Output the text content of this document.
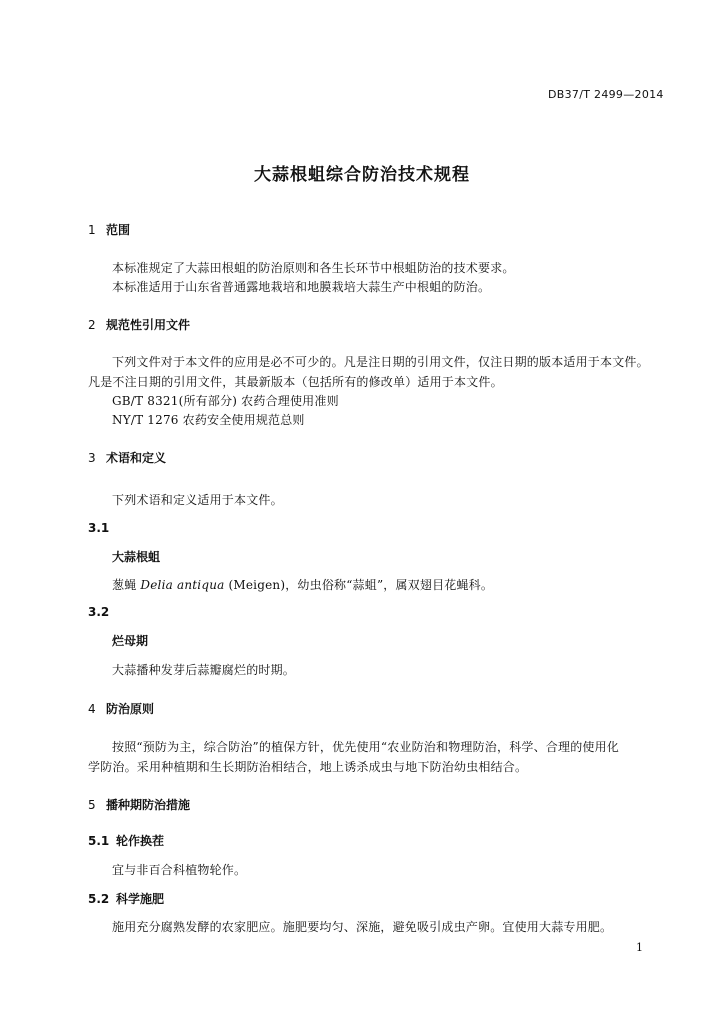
DB37/T 2499—2014
大蒜根蛆综合防治技术规程
1 范围
本标准规定了大蒜田根蛆的防治原则和各生长环节中根蛆防治的技术要求。
本标准适用于山东省普通露地栽培和地膜栽培大蒜生产中根蛆的防治。
2 规范性引用文件
下列文件对于本文件的应用是必不可少的。凡是注日期的引用文件，仅注日期的版本适用于本文件。
凡是不注日期的引用文件，其最新版本（包括所有的修改单）适用于本文件。
GB/T 8321(所有部分) 农药合理使用准则
NY/T 1276 农药安全使用规范总则
3 术语和定义
下列术语和定义适用于本文件。
3.1
大蒜根蛆
葱蝇 Delia antiqua (Meigen)，幼虫俗称“蒜蛆”，属双翅目花蝇科。
3.2
烂母期
大蒜播种发芽后蒜瓣腐烂的时期。
4 防治原则
按照“预防为主，综合防治”的植保方针，优先使用“农业防治和物理防治，科学、合理的使用化
学防治。采用种植期和生长期防治相结合，地上诱杀成虫与地下防治幼虫相结合。
5 播种期防治措施
5.1 轮作换茬
宜与非百合科植物轮作。
5.2 科学施肥
施用充分腐熟发酵的农家肥应。施肥要均匀、深施，避免吸引成虫产卵。宜使用大蒜专用肥。
1
